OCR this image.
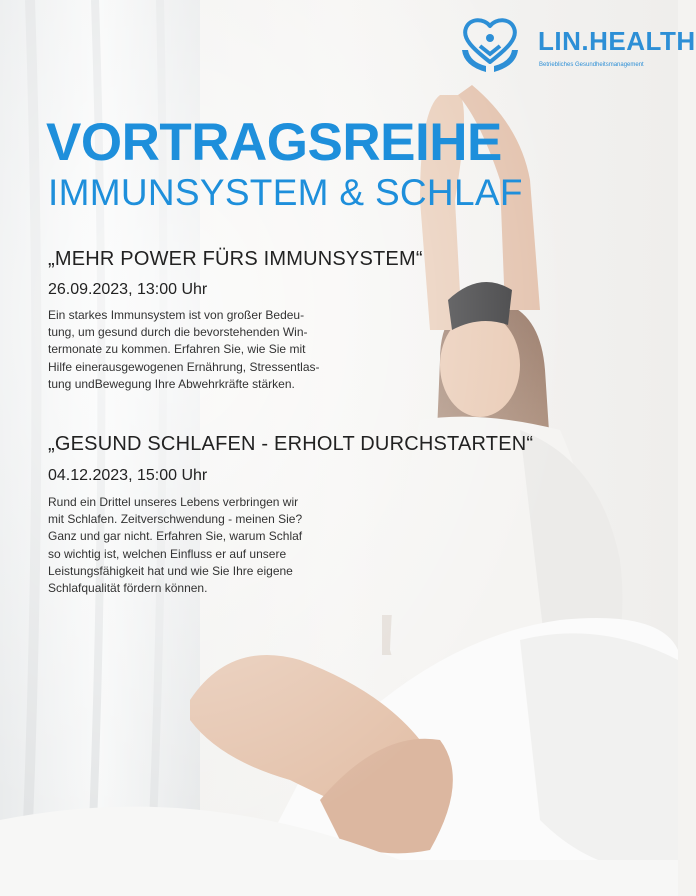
LIN.HEALTH
Betriebliches Gesundheitsmanagement
VORTRAGSREIHE
IMMUNSYSTEM & SCHLAF
„MEHR POWER FÜRS IMMUNSYSTEM“
26.09.2023, 13:00 Uhr
Ein starkes Immunsystem ist von großer Bedeu-
tung, um gesund durch die bevorstehenden Win-
termonate zu kommen. Erfahren Sie, wie Sie mit
Hilfe einerausgewogenen Ernährung, Stressentlas-
tung undBewegung Ihre Abwehrkräfte stärken.
„GESUND SCHLAFEN - ERHOLT DURCHSTARTEN“
04.12.2023, 15:00 Uhr
Rund ein Drittel unseres Lebens verbringen wir
mit Schlafen. Zeitverschwendung - meinen Sie?
Ganz und gar nicht. Erfahren Sie, warum Schlaf
so wichtig ist, welchen Einfluss er auf unsere
Leistungsfähigkeit hat und wie Sie Ihre eigene
Schlafqualität fördern können.
